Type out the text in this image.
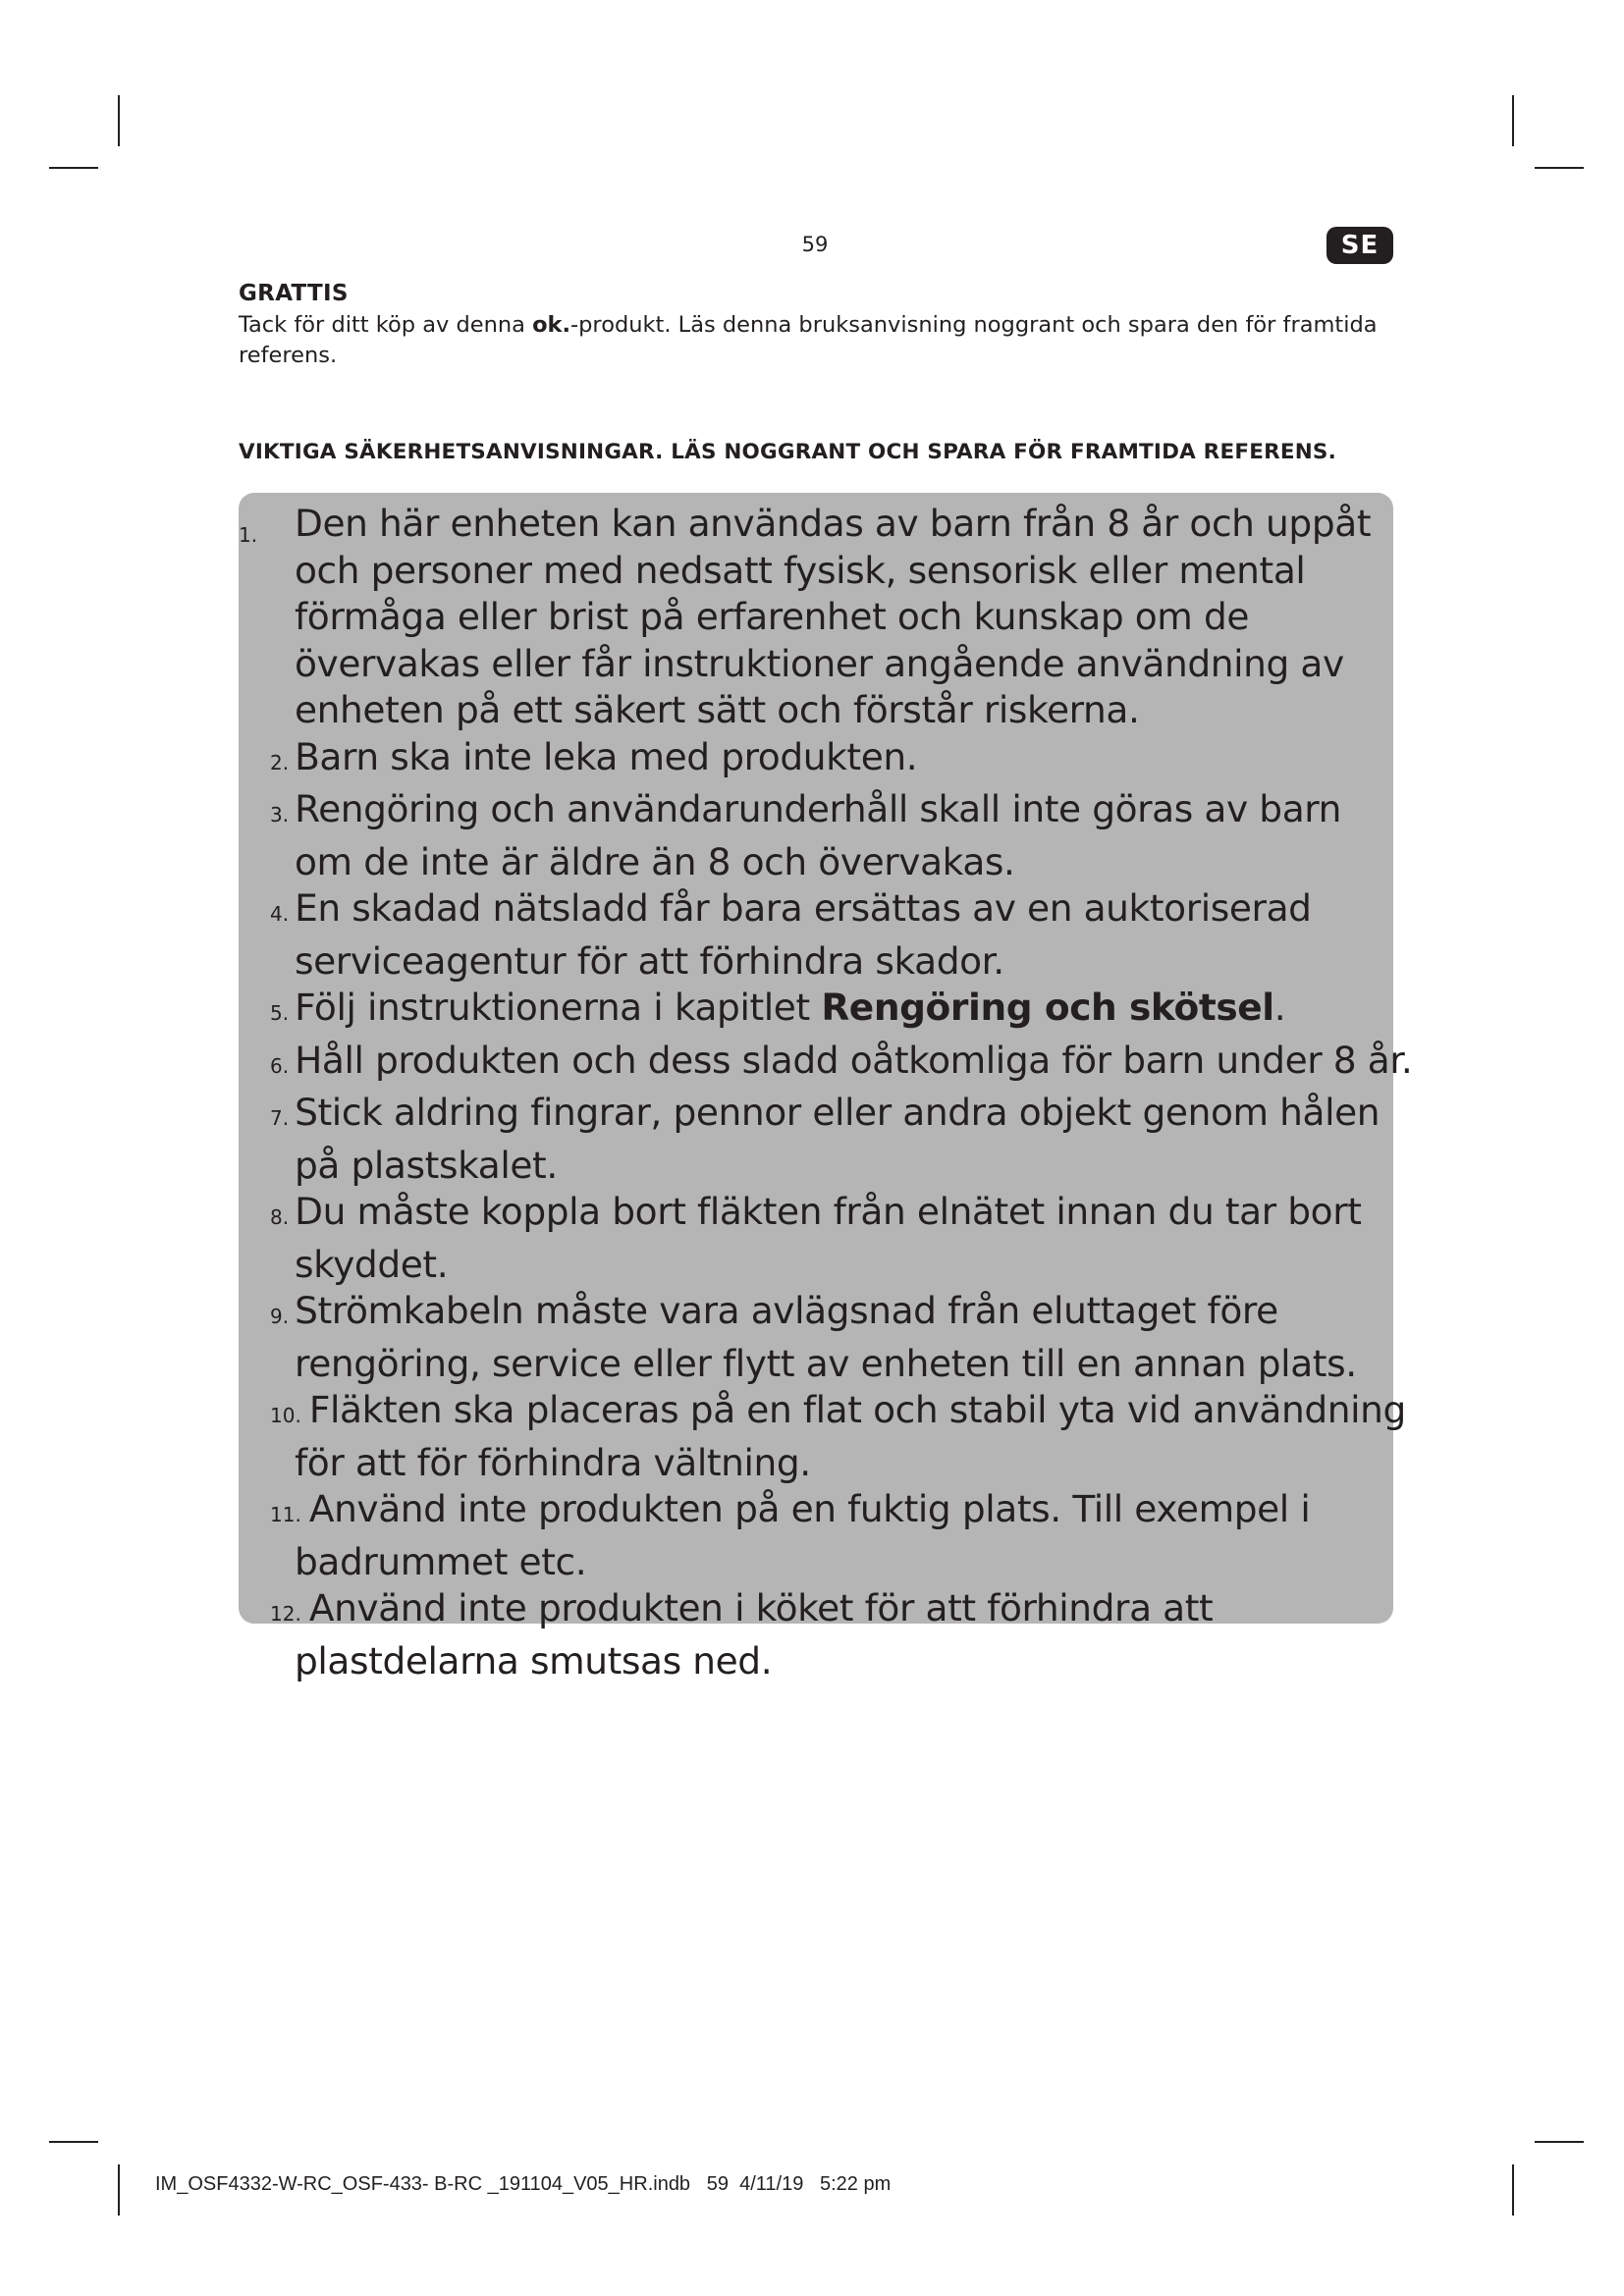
59	SE
GRATTIS
Tack för ditt köp av denna ok.-produkt. Läs denna bruksanvisning noggrant och spara den för framtida referens.
VIKTIGA SÄKERHETSANVISNINGAR. LÄS NOGGRANT OCH SPARA FÖR FRAMTIDA REFERENS.
1. Den här enheten kan användas av barn från 8 år och uppåt
och personer med nedsatt fysisk, sensorisk eller mental
förmåga eller brist på erfarenhet och kunskap om de
övervakas eller får instruktioner angående användning av
enheten på ett säkert sätt och förstår riskerna.
2. Barn ska inte leka med produkten.
3. Rengöring och användarunderhåll skall inte göras av barn
om de inte är äldre än 8 och övervakas.
4. En skadad nätsladd får bara ersättas av en auktoriserad
serviceagentur för att förhindra skador.
5. Följ instruktionerna i kapitlet Rengöring och skötsel.
6. Håll produkten och dess sladd oåtkomliga för barn under 8 år.
7. Stick aldring fingrar, pennor eller andra objekt genom hålen
på plastskalet.
8. Du måste koppla bort fläkten från elnätet innan du tar bort
skyddet.
9. Strömkabeln måste vara avlägsnad från eluttaget före
rengöring, service eller flytt av enheten till en annan plats.
10. Fläkten ska placeras på en flat och stabil yta vid användning
för att för förhindra vältning.
11. Använd inte produkten på en fuktig plats. Till exempel i
badrummet etc.
12. Använd inte produkten i köket för att förhindra att
plastdelarna smutsas ned.
IM_OSF4332-W-RC_OSF-433- B-RC _191104_V05_HR.indb   59  4/11/19   5:22 pm
